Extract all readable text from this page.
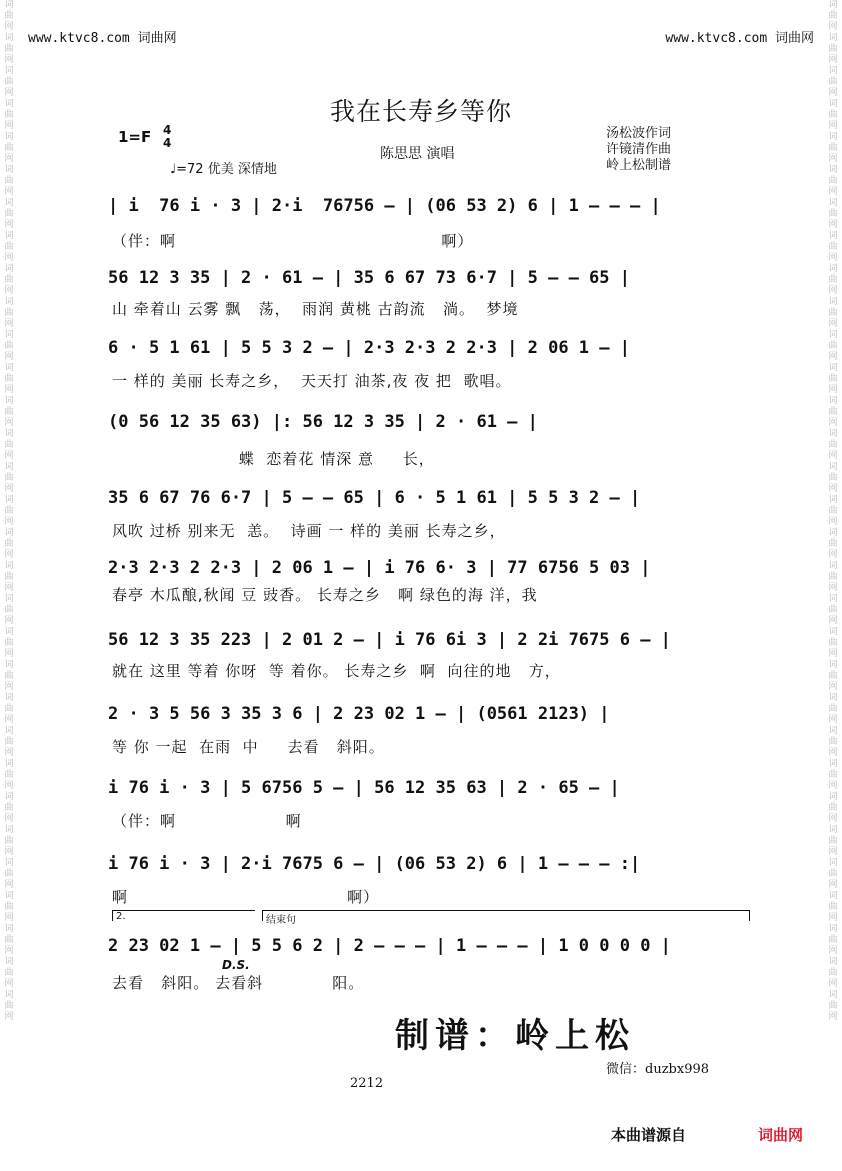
词曲网词曲网词曲网词曲网词曲网词曲网词曲网词曲网词曲网词曲网词曲网词曲网词曲网词曲网词曲网词曲网词曲网词曲网词曲网词曲网词曲网词曲网词曲网词曲网词曲网词曲网词曲网词曲网词曲网词曲网词曲网
词曲网词曲网词曲网词曲网词曲网词曲网词曲网词曲网词曲网词曲网词曲网词曲网词曲网词曲网词曲网词曲网词曲网词曲网词曲网词曲网词曲网词曲网词曲网词曲网词曲网词曲网词曲网词曲网词曲网词曲网词曲网
www.ktvc8.com 词曲网	www.ktvc8.com 词曲网
我在长寿乡等你
1=F 4
4
♩=72 优美 深情地
陈思思 演唱
汤松波作词
许镜清作曲
岭上松制谱
| i  76 i · 3 | 2·i  76756 – | (06 53 2) 6 | 1 – – – |
（伴：啊                                              啊）
56 12 3 35 | 2 · 61 – | 35 6 67 73 6·7 | 5 – – 65 |
山 牵着山 云雾 飘   荡，  雨润 黄桃 古韵流   淌。  梦境
6 · 5 1 61 | 5 5 3 2 – | 2·3 2·3 2 2·3 | 2 06 1 – |
一 样的 美丽 长寿之乡，  天天打 油茶,夜 夜 把  歌唱。
(0 56 12 35 63) |: 56 12 3 35 | 2 · 61 – |
蝶  恋着花 情深 意     长，
35 6 67 76 6·7 | 5 – – 65 | 6 · 5 1 61 | 5 5 3 2 – |
风吹 过桥 别来无  恙。  诗画 一 样的 美丽 长寿之乡，
2·3 2·3 2 2·3 | 2 06 1 – | i 76 6· 3 | 77 6756 5 03 |
春亭 木瓜酿,秋闻 豆 豉香。 长寿之乡   啊 绿色的海 洋，我
56 12 3 35 223 | 2 01 2 – | i 76 6i 3 | 2 2i 7675 6 – |
就在 这里 等着 你呀  等 着你。 长寿之乡  啊  向往的地   方，
2 · 3 5 56 3 35 3 6 | 2 23 02 1 – | (0561 2123) |
等 你 一起  在雨  中     去看   斜阳。
i 76 i · 3 | 5 6756 5 – | 56 12 35 63 | 2 · 65 – |
（伴：啊                   啊
i 76 i · 3 | 2·i 7675 6 – | (06 53 2) 6 | 1 – – – :|
啊                                      啊）
2.	结束句
2 23 02 1 – | 5 5 6 2 | 2 – – – | 1 – – – | 1 0 0 0 0 |
D.S.
去看   斜阳。 去看斜            阳。
制谱：岭上松
微信：duzbx998
2212
本曲谱源自	词曲网
